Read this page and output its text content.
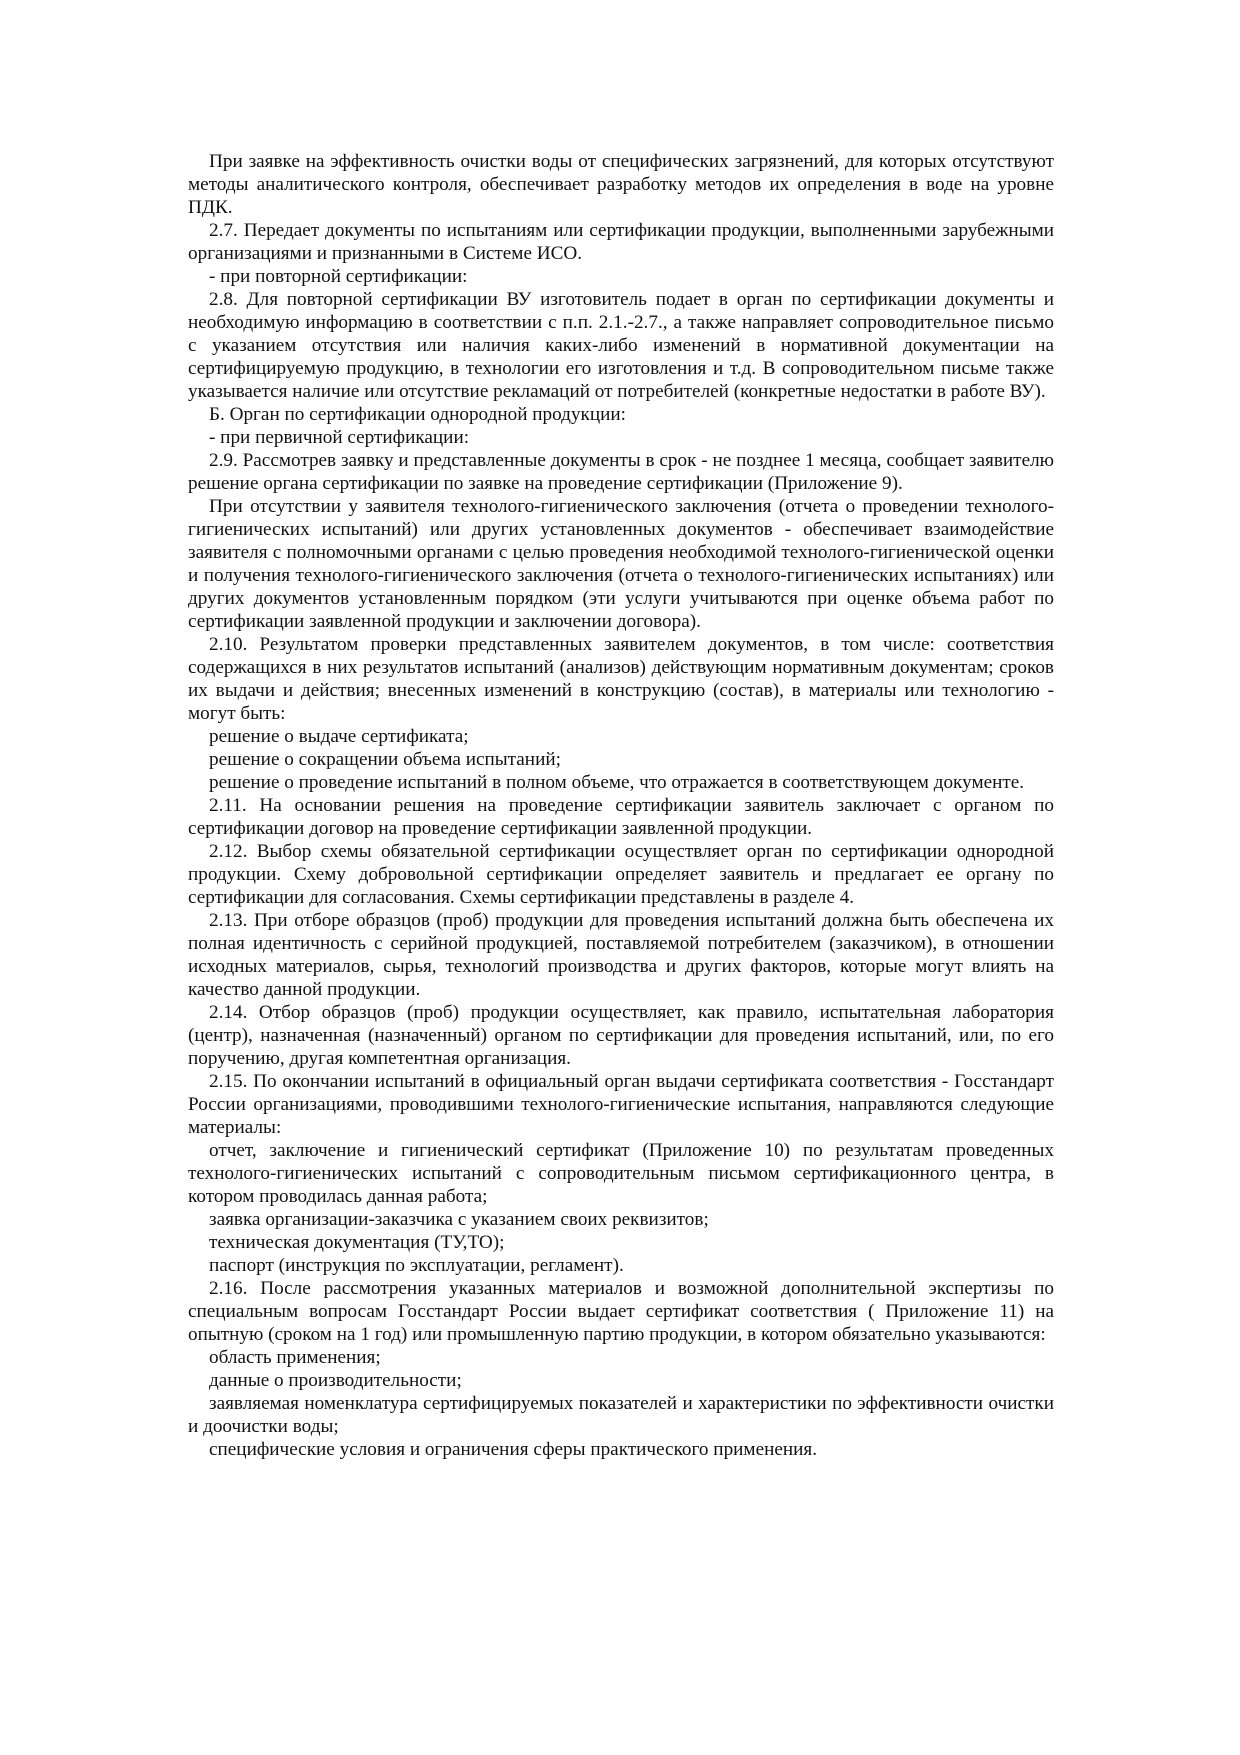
При заявке на эффективность очистки воды от специфических загрязнений, для которых отсутствуют методы аналитического контроля, обеспечивает разработку методов их определения в воде на уровне ПДК.

2.7. Передает документы по испытаниям или сертификации продукции, выполненными зарубежными организациями и признанными в Системе ИСО.

- при повторной сертификации:

2.8. Для повторной сертификации ВУ изготовитель подает в орган по сертификации документы и необходимую информацию в соответствии с п.п. 2.1.-2.7., а также направляет сопроводительное письмо с указанием отсутствия или наличия каких-либо изменений в нормативной документации на сертифицируемую продукцию, в технологии его изготовления и т.д. В сопроводительном письме также указывается наличие или отсутствие рекламаций от потребителей (конкретные недостатки в работе ВУ).

Б. Орган по сертификации однородной продукции:

- при первичной сертификации:

2.9. Рассмотрев заявку и представленные документы в срок - не позднее 1 месяца, сообщает заявителю решение органа сертификации по заявке на проведение сертификации (Приложение 9).

При отсутствии у заявителя технолого-гигиенического заключения (отчета о проведении технолого-гигиенических испытаний) или других установленных документов - обеспечивает взаимодействие заявителя с полномочными органами с целью проведения необходимой технолого-гигиенической оценки и получения технолого-гигиенического заключения (отчета о технолого-гигиенических испытаниях) или других документов установленным порядком (эти услуги учитываются при оценке объема работ по сертификации заявленной продукции и заключении договора).

2.10. Результатом проверки представленных заявителем документов, в том числе: соответствия содержащихся в них результатов испытаний (анализов) действующим нормативным документам; сроков их выдачи и действия; внесенных изменений в конструкцию (состав), в материалы или технологию - могут быть:

решение о выдаче сертификата;

решение о сокращении объема испытаний;

решение о проведение испытаний в полном объеме, что отражается в соответствующем документе.

2.11. На основании решения на проведение сертификации заявитель заключает с органом по сертификации договор на проведение сертификации заявленной продукции.

2.12. Выбор схемы обязательной сертификации осуществляет орган по сертификации однородной продукции. Схему добровольной сертификации определяет заявитель и предлагает ее органу по сертификации для согласования. Схемы сертификации представлены в разделе 4.

2.13. При отборе образцов (проб) продукции для проведения испытаний должна быть обеспечена их полная идентичность с серийной продукцией, поставляемой потребителем (заказчиком), в отношении исходных материалов, сырья, технологий производства и других факторов, которые могут влиять на качество данной продукции.

2.14. Отбор образцов (проб) продукции осуществляет, как правило, испытательная лаборатория (центр), назначенная (назначенный) органом по сертификации для проведения испытаний, или, по его поручению, другая компетентная организация.

2.15. По окончании испытаний в официальный орган выдачи сертификата соответствия - Госстандарт России организациями, проводившими технолого-гигиенические испытания, направляются следующие материалы:

отчет, заключение и гигиенический сертификат (Приложение 10) по результатам проведенных технолого-гигиенических испытаний с сопроводительным письмом сертификационного центра, в котором проводилась данная работа;

заявка организации-заказчика с указанием своих реквизитов;

техническая документация (ТУ,ТО);

паспорт (инструкция по эксплуатации, регламент).

2.16. После рассмотрения указанных материалов и возможной дополнительной экспертизы по специальным вопросам Госстандарт России выдает сертификат соответствия ( Приложение 11) на опытную (сроком на 1 год) или промышленную партию продукции, в котором обязательно указываются:

область применения;

данные о производительности;

заявляемая номенклатура сертифицируемых показателей и характеристики по эффективности очистки и доочистки воды;

специфические условия и ограничения сферы практического применения.
